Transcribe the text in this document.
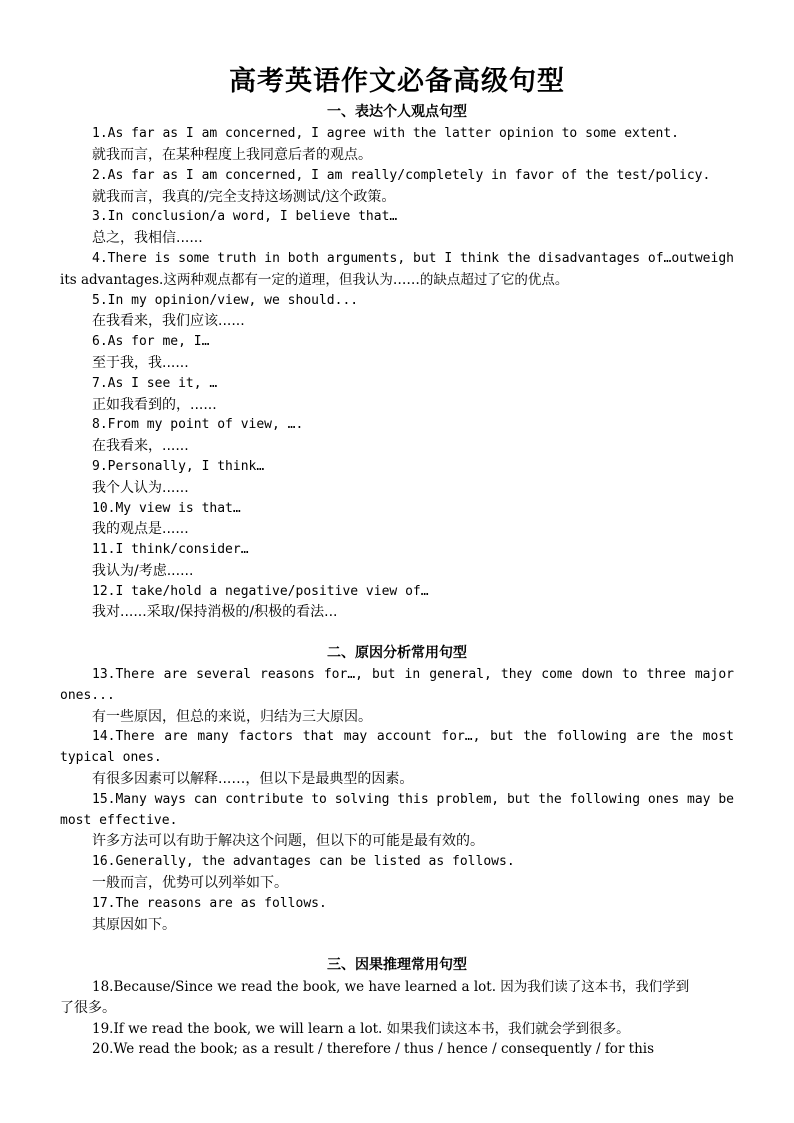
高考英语作文必备高级句型
一、表达个人观点句型
1.As far as I am concerned, I agree with the latter opinion to some extent.
就我而言，在某种程度上我同意后者的观点。
2.As far as I am concerned, I am really/completely in favor of the test/policy.
就我而言，我真的/完全支持这场测试/这个政策。
3.In conclusion/a word, I believe that…
总之，我相信......
4.There is some truth in both arguments, but I think the disadvantages of…outweigh
its advantages.这两种观点都有一定的道理，但我认为……的缺点超过了它的优点。
5.In my opinion/view, we should...
在我看来，我们应该......
6.As for me, I…
至于我，我......
7.As I see it, …
正如我看到的，......
8.From my point of view, ….
在我看来，......
9.Personally, I think…
我个人认为......
10.My view is that…
我的观点是......
11.I think/consider…
我认为/考虑......
12.I take/hold a negative/positive view of…
我对......采取/保持消极的/积极的看法...
二、原因分析常用句型
13.There are several reasons for…, but in general, they come down to three major
ones...
有一些原因，但总的来说，归结为三大原因。
14.There are many factors that may account for…, but the following are the most
typical ones.
有很多因素可以解释...…，但以下是最典型的因素。
15.Many ways can contribute to solving this problem, but the following ones may be
most effective.
许多方法可以有助于解决这个问题，但以下的可能是最有效的。
16.Generally, the advantages can be listed as follows.
一般而言，优势可以列举如下。
17.The reasons are as follows.
其原因如下。
三、因果推理常用句型
18.Because/Since we read the book, we have learned a lot. 因为我们读了这本书，我们学到
了很多。
19.If we read the book, we will learn a lot. 如果我们读这本书，我们就会学到很多。
20.We read the book; as a result / therefore / thus / hence / consequently / for this
